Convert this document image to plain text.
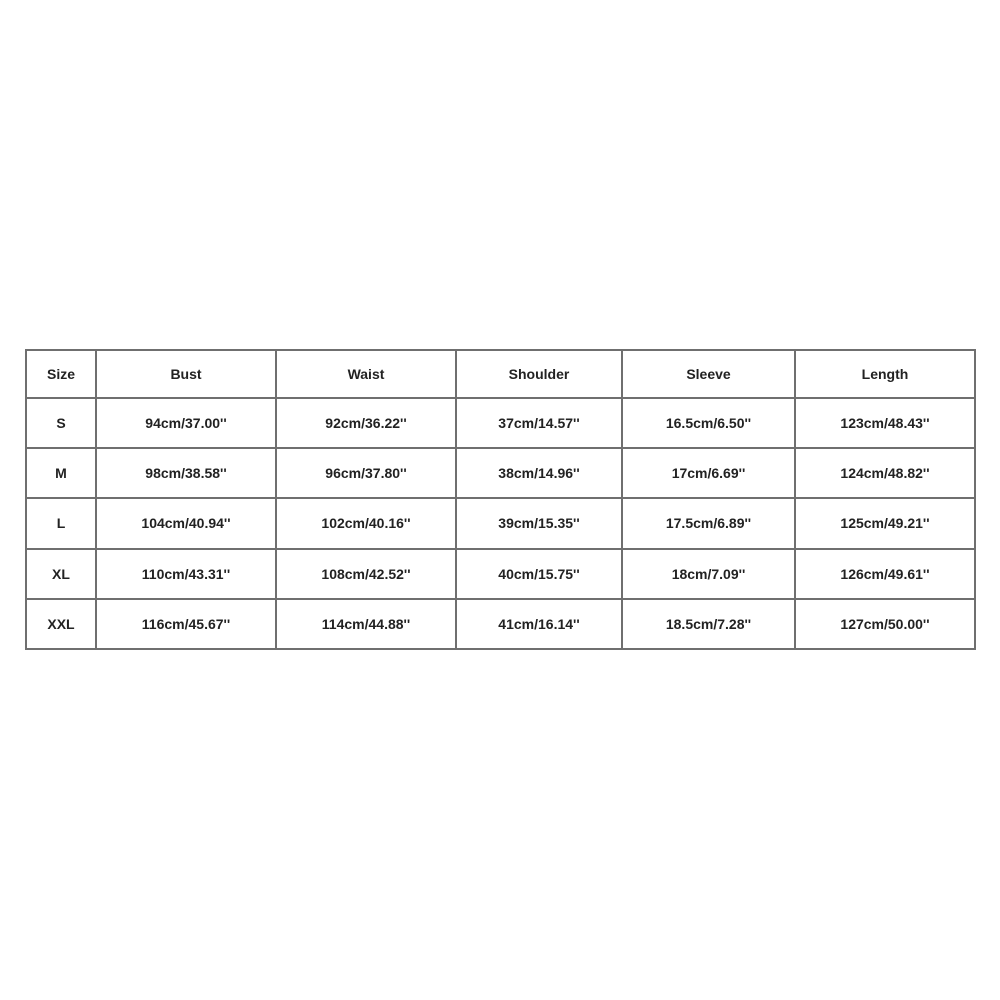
Size	Bust	Waist	Shoulder	Sleeve	Length
S	94cm/37.00''	92cm/36.22''	37cm/14.57''	16.5cm/6.50''	123cm/48.43''
M	98cm/38.58''	96cm/37.80''	38cm/14.96''	17cm/6.69''	124cm/48.82''
L	104cm/40.94''	102cm/40.16''	39cm/15.35''	17.5cm/6.89''	125cm/49.21''
XL	110cm/43.31''	108cm/42.52''	40cm/15.75''	18cm/7.09''	126cm/49.61''
XXL	116cm/45.67''	114cm/44.88''	41cm/16.14''	18.5cm/7.28''	127cm/50.00''
